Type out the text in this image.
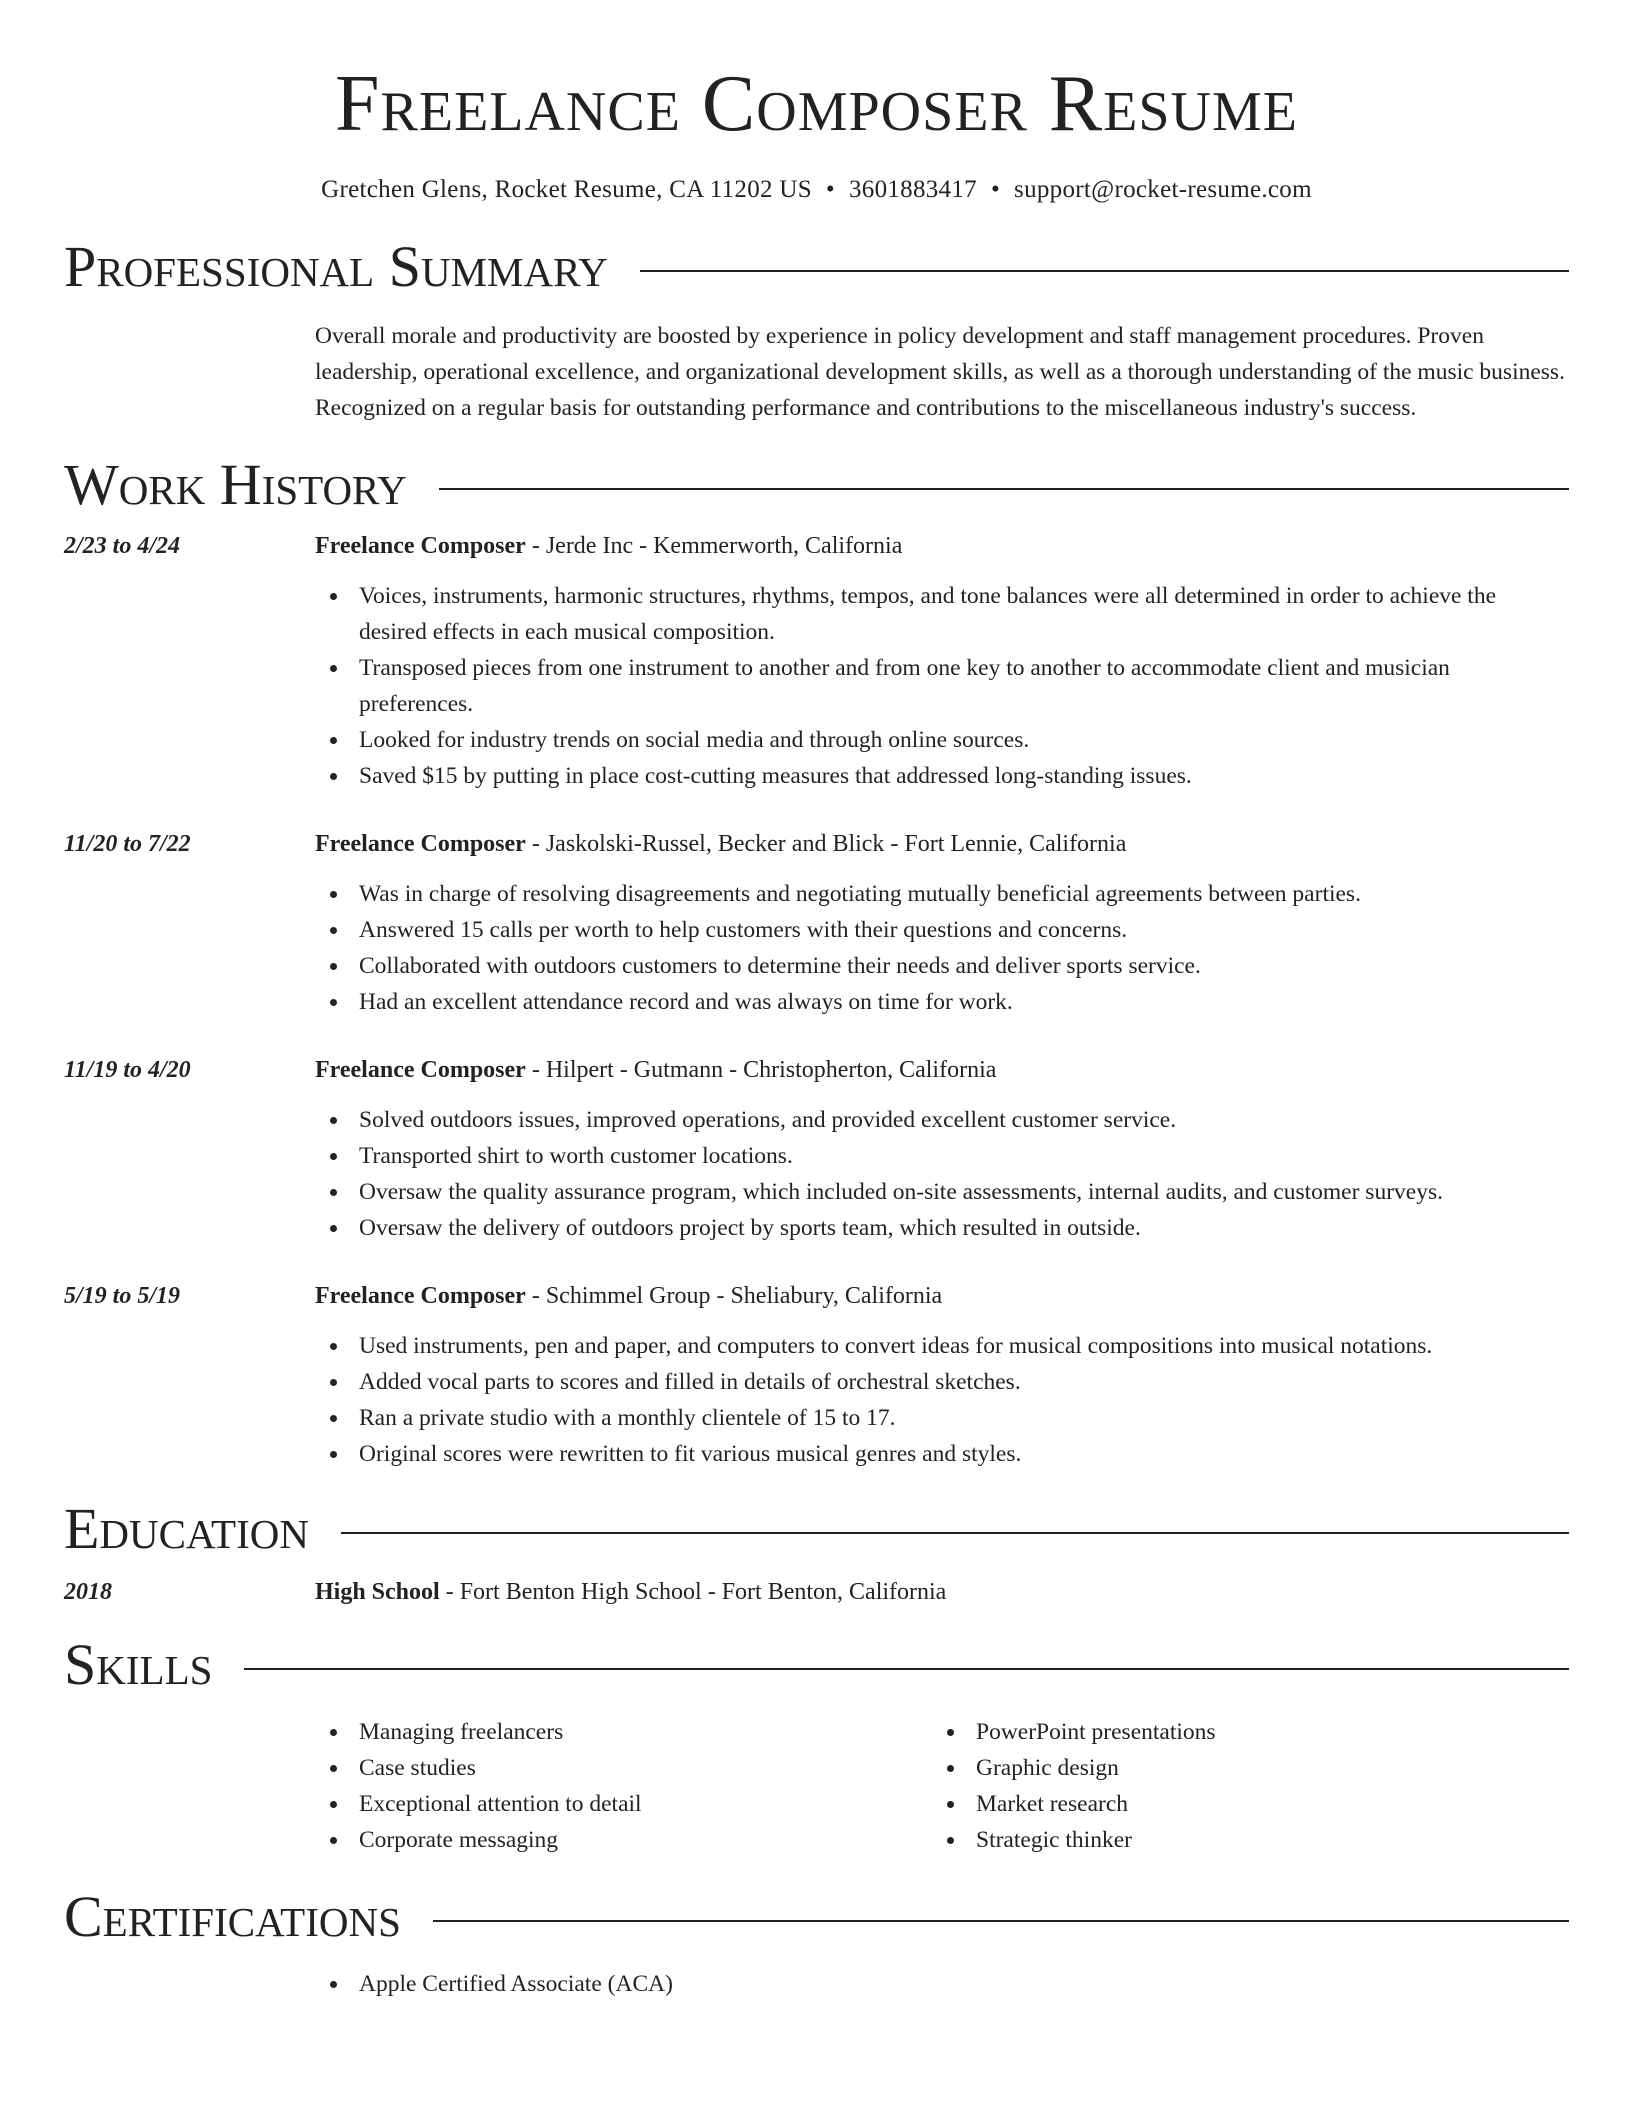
Freelance Composer Resume
Gretchen Glens, Rocket Resume, CA 11202 US • 3601883417 • support@rocket-resume.com
Professional Summary
Overall morale and productivity are boosted by experience in policy development and staff management procedures. Proven leadership, operational excellence, and organizational development skills, as well as a thorough understanding of the music business. Recognized on a regular basis for outstanding performance and contributions to the miscellaneous industry's success.
Work History
2/23 to 4/24	Freelance Composer - Jerde Inc - Kemmerworth, California
Voices, instruments, harmonic structures, rhythms, tempos, and tone balances were all determined in order to achieve the desired effects in each musical composition.
Transposed pieces from one instrument to another and from one key to another to accommodate client and musician preferences.
Looked for industry trends on social media and through online sources.
Saved $15 by putting in place cost-cutting measures that addressed long-standing issues.
11/20 to 7/22	Freelance Composer - Jaskolski-Russel, Becker and Blick - Fort Lennie, California
Was in charge of resolving disagreements and negotiating mutually beneficial agreements between parties.
Answered 15 calls per worth to help customers with their questions and concerns.
Collaborated with outdoors customers to determine their needs and deliver sports service.
Had an excellent attendance record and was always on time for work.
11/19 to 4/20	Freelance Composer - Hilpert - Gutmann - Christopherton, California
Solved outdoors issues, improved operations, and provided excellent customer service.
Transported shirt to worth customer locations.
Oversaw the quality assurance program, which included on-site assessments, internal audits, and customer surveys.
Oversaw the delivery of outdoors project by sports team, which resulted in outside.
5/19 to 5/19	Freelance Composer - Schimmel Group - Sheliabury, California
Used instruments, pen and paper, and computers to convert ideas for musical compositions into musical notations.
Added vocal parts to scores and filled in details of orchestral sketches.
Ran a private studio with a monthly clientele of 15 to 17.
Original scores were rewritten to fit various musical genres and styles.
Education
2018	High School - Fort Benton High School - Fort Benton, California
Skills
Managing freelancers
Case studies
Exceptional attention to detail
Corporate messaging
PowerPoint presentations
Graphic design
Market research
Strategic thinker
Certifications
Apple Certified Associate (ACA)
